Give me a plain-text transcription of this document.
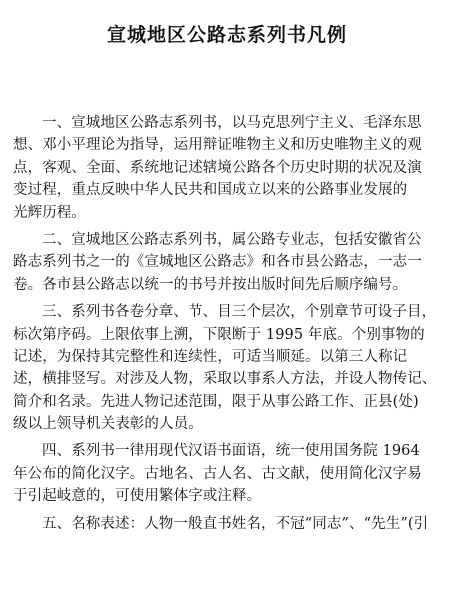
宣城地区公路志系列书凡例
一、宣城地区公路志系列书，以马克思列宁主义、毛泽东思
想、邓小平理论为指导，运用辩证唯物主义和历史唯物主义的观
点，客观、全面、系统地记述辖境公路各个历史时期的状况及演
变过程，重点反映中华人民共和国成立以来的公路事业发展的
光辉历程。
二、宣城地区公路志系列书，属公路专业志，包括安徽省公
路志系列书之一的《宣城地区公路志》和各市县公路志，一志一
卷。各市县公路志以统一的书号并按出版时间先后顺序编号。
三、系列书各卷分章、节、目三个层次，个别章节可设子目，
标次第序码。上限依事上溯，下限断于 1995 年底。个别事物的
记述，为保持其完整性和连续性，可适当顺延。以第三人称记
述，横排竖写。对涉及人物，采取以事系人方法，并设人物传记、
简介和名录。先进人物记述范围，限于从事公路工作、正县(处)
级以上领导机关表彰的人员。
四、系列书一律用现代汉语书面语，统一使用国务院 1964
年公布的简化汉字。古地名、古人名、古文献，使用简化汉字易
于引起岐意的，可使用繁体字或注释。
五、名称表述：人物一般直书姓名，不冠“同志”、“先生”(引
